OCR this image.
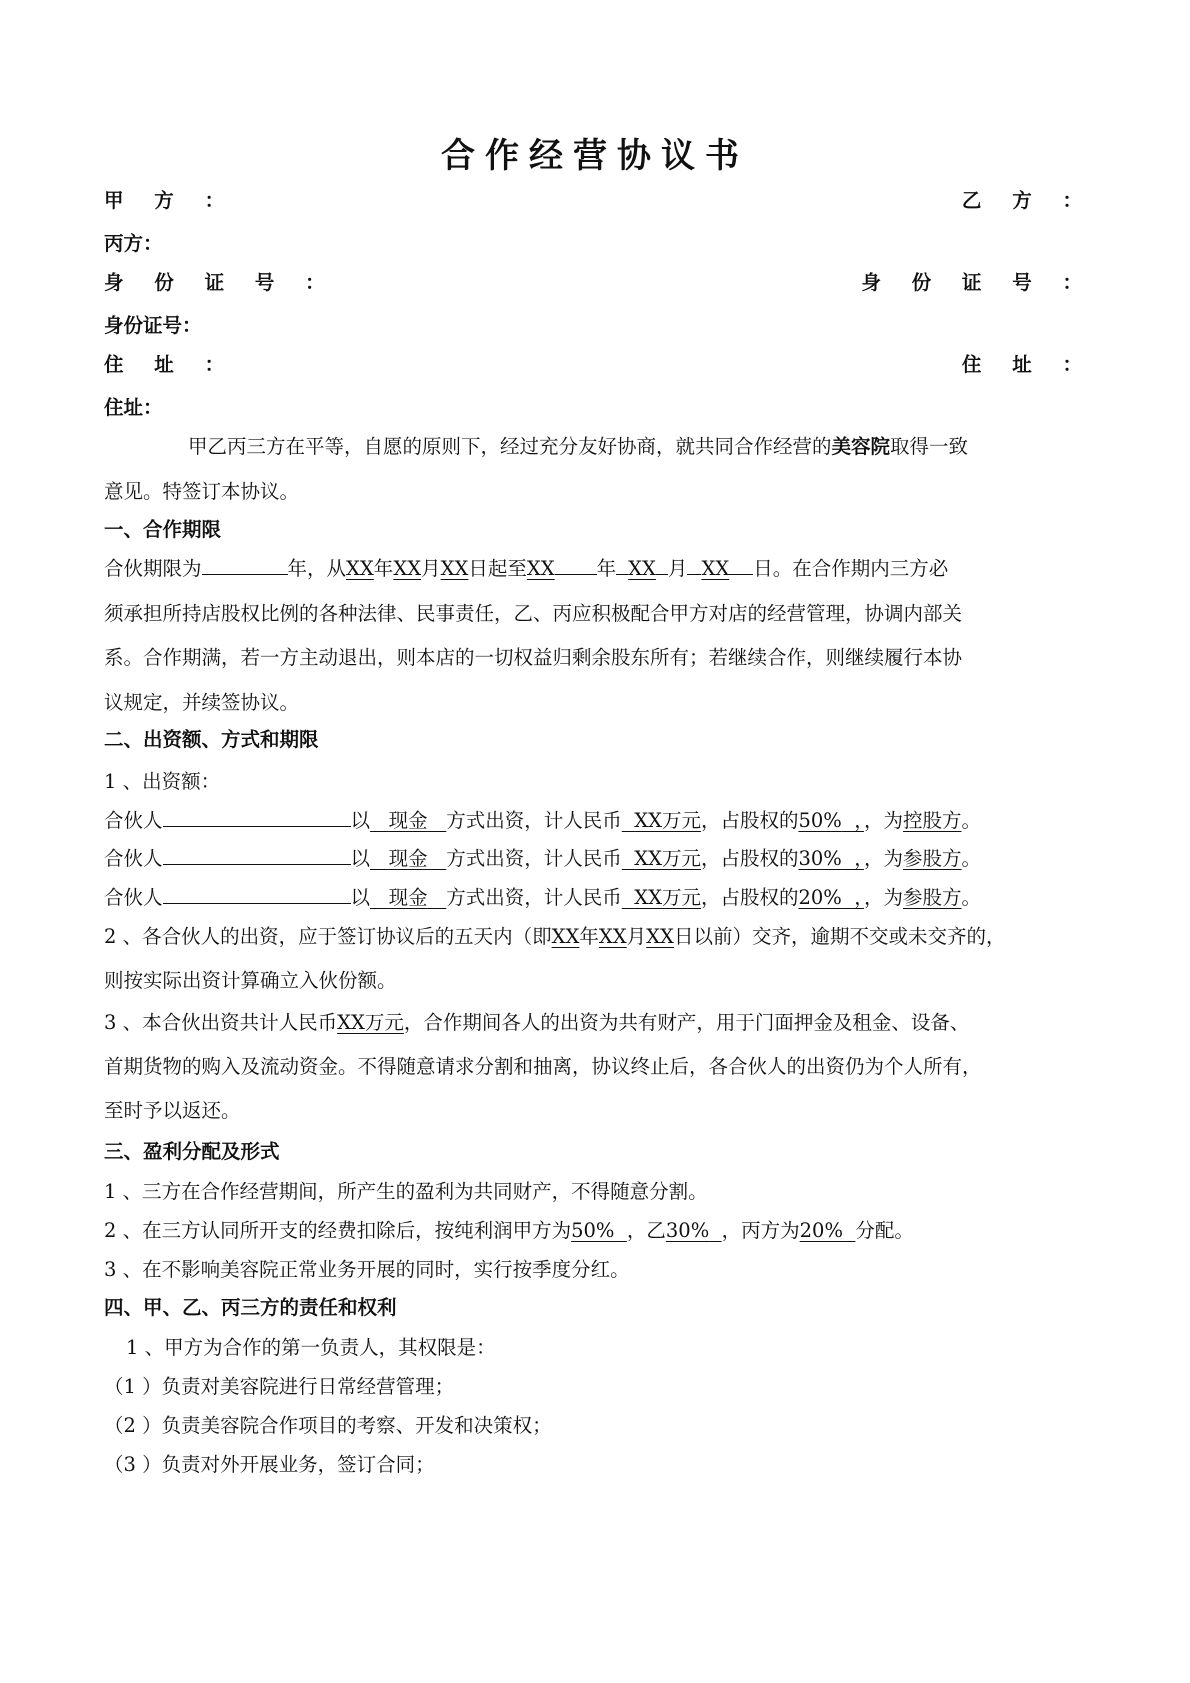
合作经营协议书
甲 方 ：	乙 方 ：
丙方：
身 份 证 号 ：	身 份 证 号 ：
身份证号：
住 址 ：	住 址 ：
住址：
甲乙丙三方在平等，自愿的原则下，经过充分友好协商，就共同合作经营的美容院取得一致
意见。特签订本协议。
一、合作期限
合伙期限为	年，从XX年XX月XX日起至XX 年 XX 月 XX 日。在合作期内三方必
须承担所持店股权比例的各种法律、民事责任，乙、丙应积极配合甲方对店的经营管理，协调内部关
系。合作期满，若一方主动退出，则本店的一切权益归剩余股东所有；若继续合作，则继续履行本协
议规定，并续签协议。
二、出资额、方式和期限
1 、出资额：
合伙人	以 现金 方式出资，计人民币 XX万元，占股权的50%  ，，为控股方。
合伙人	以 现金 方式出资，计人民币 XX万元，占股权的30%  ，，为参股方。
合伙人	以 现金 方式出资，计人民币 XX万元，占股权的20%  ，，为参股方。
2 、各合伙人的出资，应于签订协议后的五天内（即XX年XX月XX日以前）交齐，逾期不交或未交齐的，
则按实际出资计算确立入伙份额。
3 、本合伙出资共计人民币XX万元，合作期间各人的出资为共有财产，用于门面押金及租金、设备、
首期货物的购入及流动资金。不得随意请求分割和抽离，协议终止后，各合伙人的出资仍为个人所有，
至时予以返还。
三、盈利分配及形式
1 、三方在合作经营期间，所产生的盈利为共同财产，不得随意分割。
2 、在三方认同所开支的经费扣除后，按纯利润甲方为50% ，乙30% ，丙方为20% 分配。
3 、在不影响美容院正常业务开展的同时，实行按季度分红。
四、甲、乙、丙三方的责任和权利
1 、甲方为合作的第一负责人，其权限是：
（1 ）负责对美容院进行日常经营管理；
（2 ）负责美容院合作项目的考察、开发和决策权；
（3 ）负责对外开展业务，签订合同；
